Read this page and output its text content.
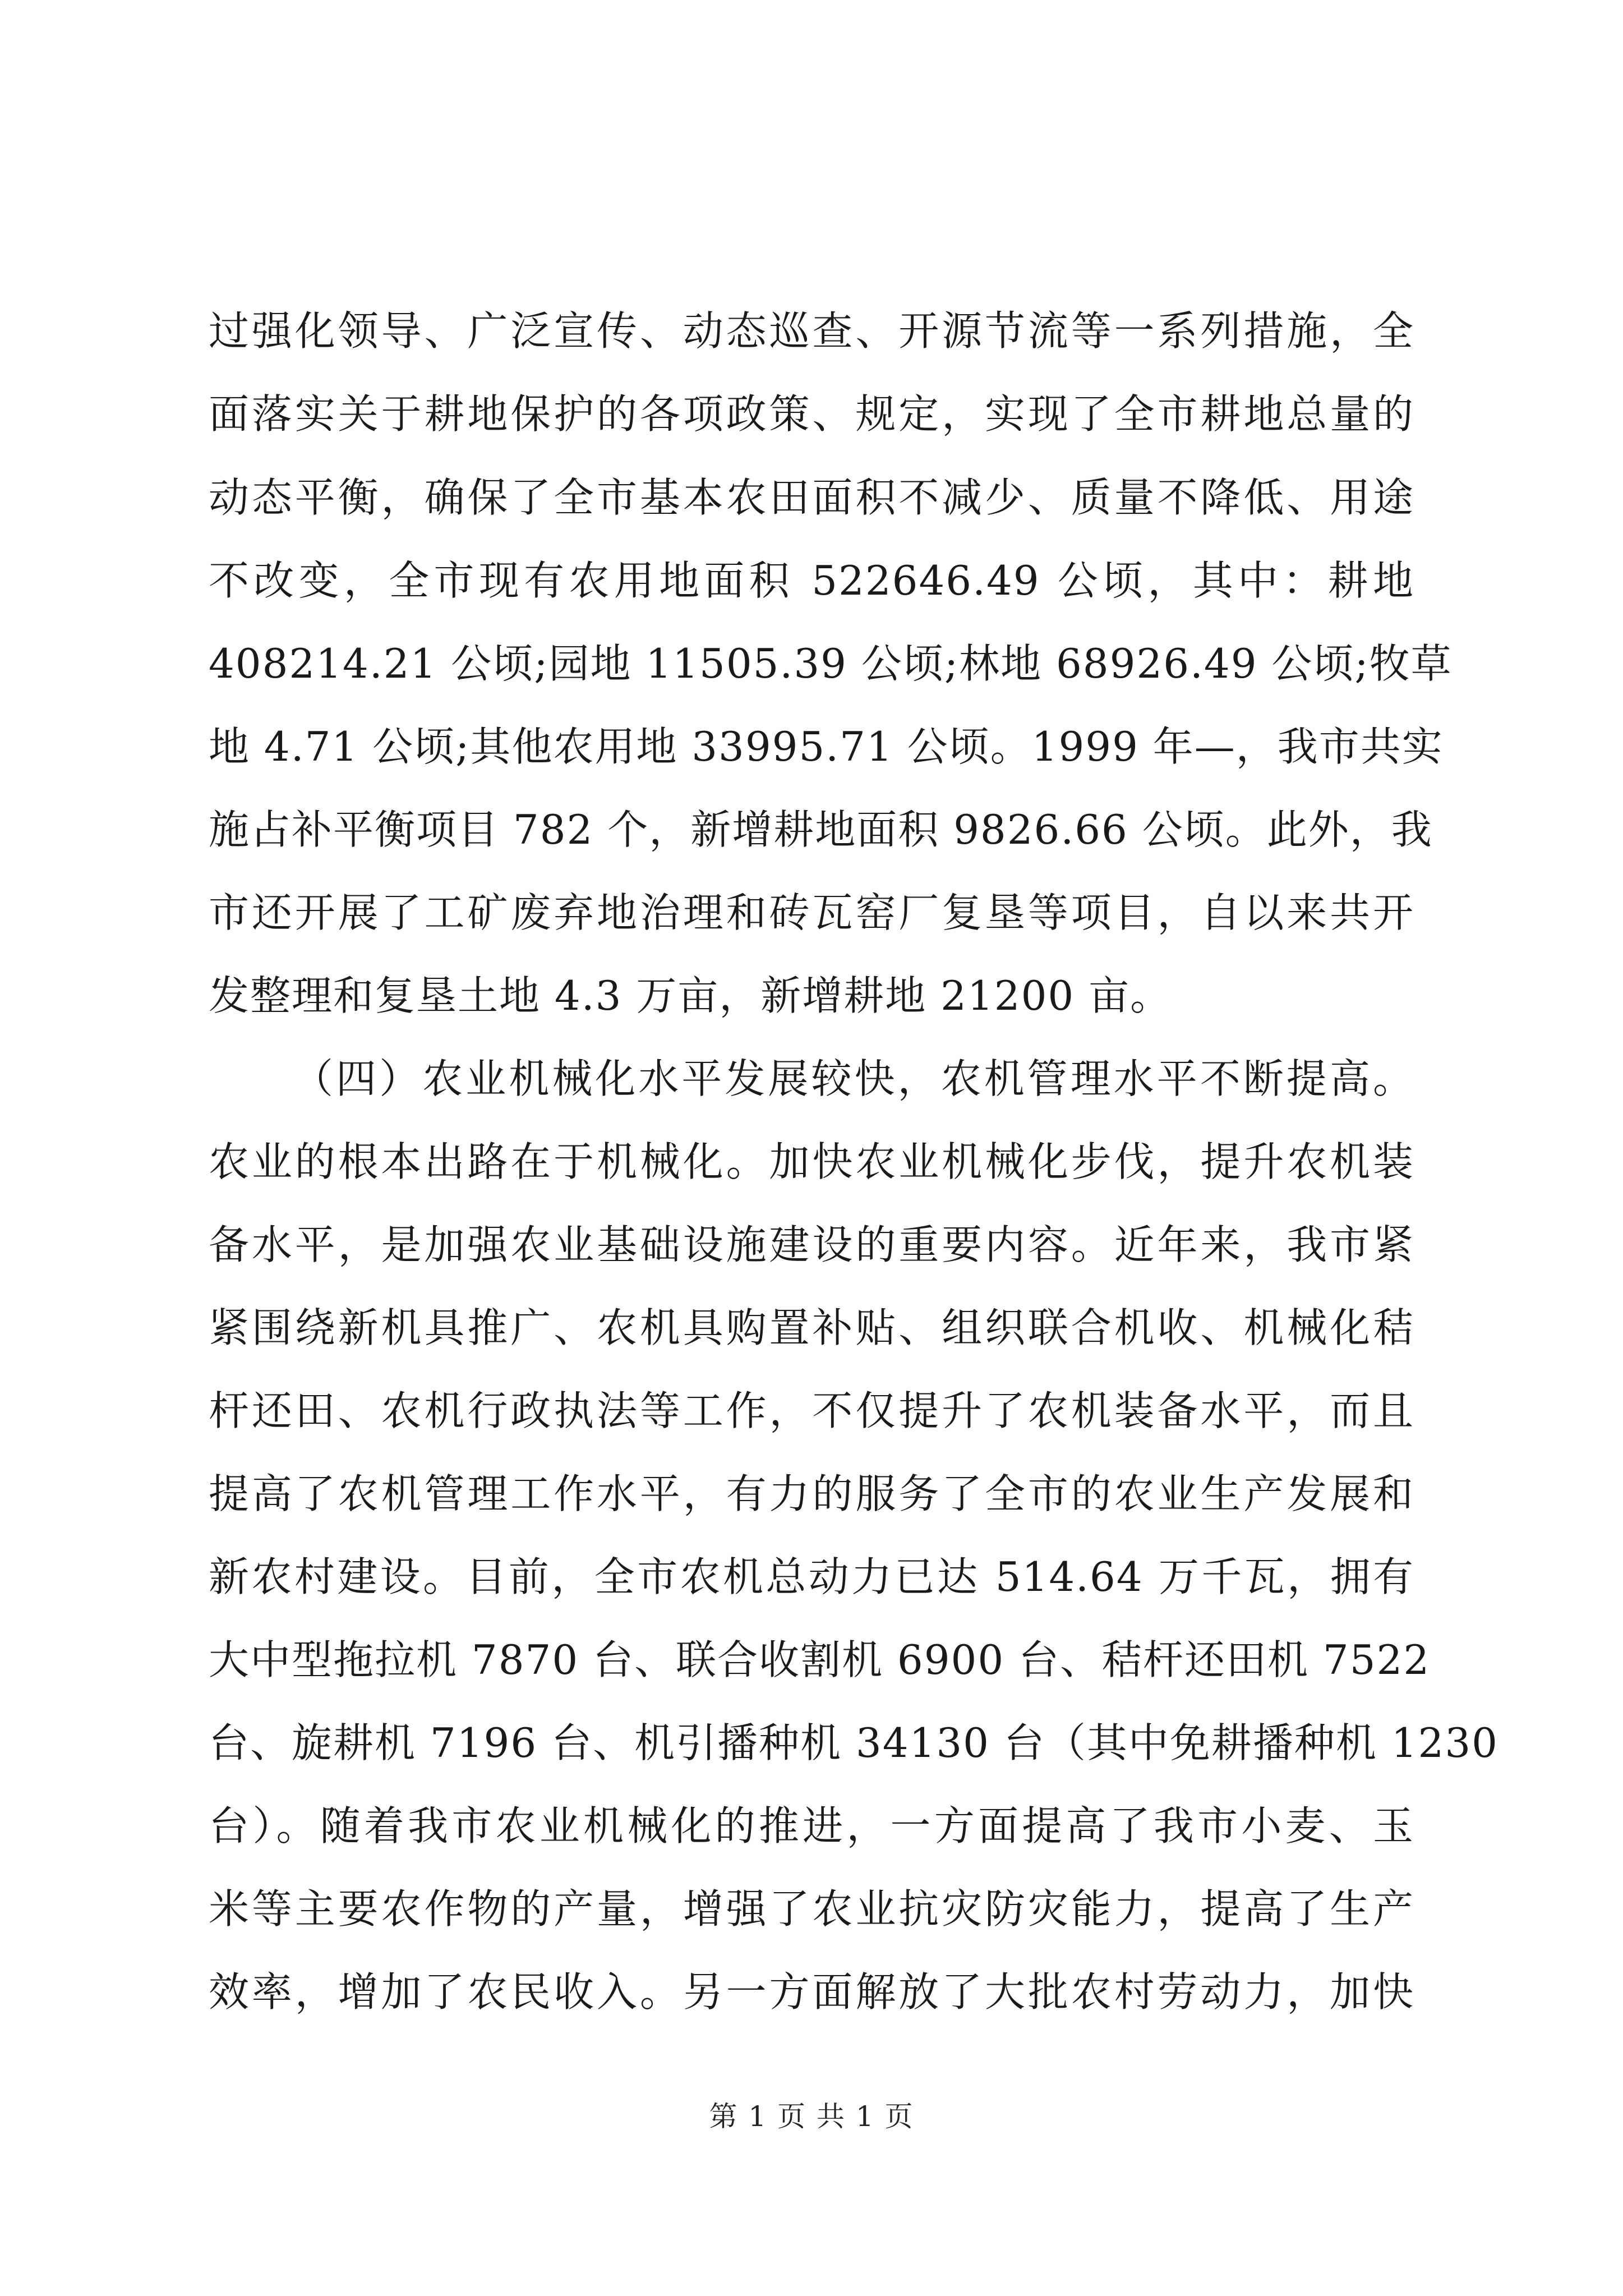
过强化领导、广泛宣传、动态巡查、开源节流等一系列措施，全
面落实关于耕地保护的各项政策、规定，实现了全市耕地总量的
动态平衡，确保了全市基本农田面积不减少、质量不降低、用途
不改变，全市现有农用地面积 522646.49 公顷，其中：耕地
408214.21 公顷;园地 11505.39 公顷;林地 68926.49 公顷;牧草
地 4.71 公顷;其他农用地 33995.71 公顷。1999 年—，我市共实
施占补平衡项目 782 个，新增耕地面积 9826.66 公顷。此外，我
市还开展了工矿废弃地治理和砖瓦窑厂复垦等项目，自以来共开
发整理和复垦土地 4.3 万亩，新增耕地 21200 亩。
（四）农业机械化水平发展较快，农机管理水平不断提高。
农业的根本出路在于机械化。加快农业机械化步伐，提升农机装
备水平，是加强农业基础设施建设的重要内容。近年来，我市紧
紧围绕新机具推广、农机具购置补贴、组织联合机收、机械化秸
杆还田、农机行政执法等工作，不仅提升了农机装备水平，而且
提高了农机管理工作水平，有力的服务了全市的农业生产发展和
新农村建设。目前，全市农机总动力已达 514.64 万千瓦，拥有
大中型拖拉机 7870 台、联合收割机 6900 台、秸杆还田机 7522
台、旋耕机 7196 台、机引播种机 34130 台（其中免耕播种机 1230
台）。随着我市农业机械化的推进，一方面提高了我市小麦、玉
米等主要农作物的产量，增强了农业抗灾防灾能力，提高了生产
效率，增加了农民收入。另一方面解放了大批农村劳动力，加快
第 1 页 共 1 页
